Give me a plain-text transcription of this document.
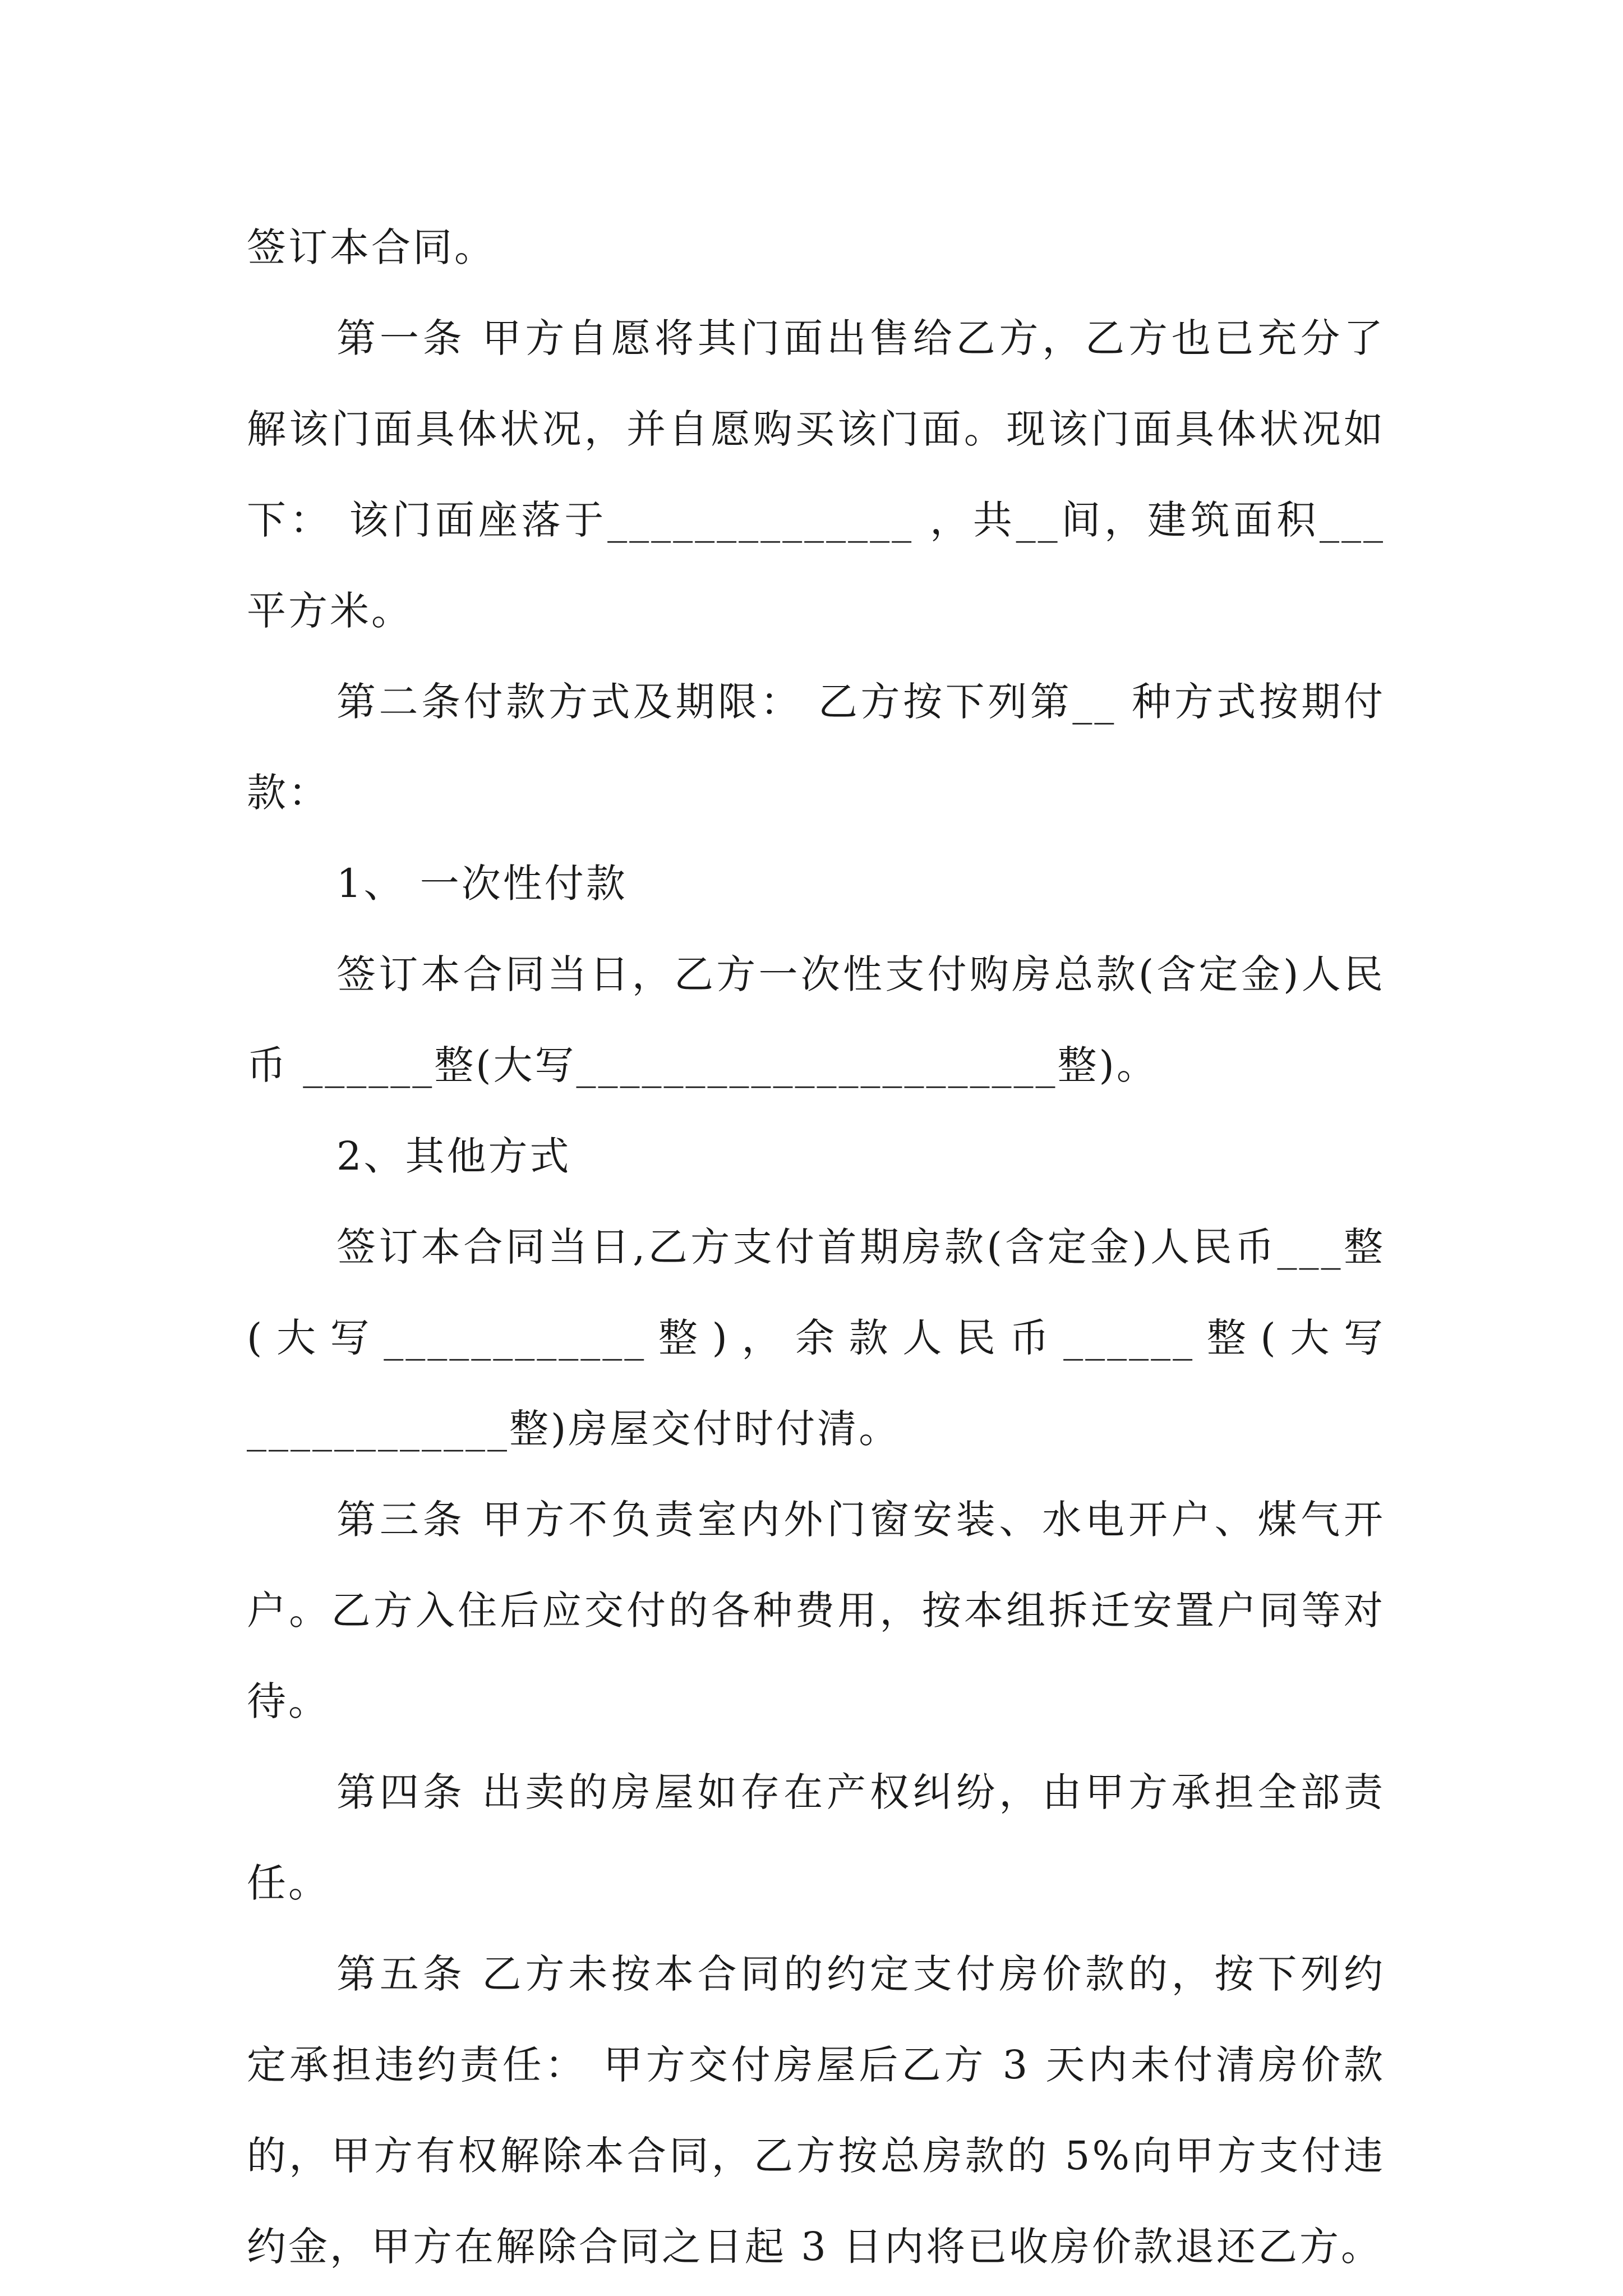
签订本合同。

第一条 甲方自愿将其门面出售给乙方，乙方也已充分了解该门面具体状况，并自愿购买该门面。现该门面具体状况如下： 该门面座落于______________ ，共__间，建筑面积___平方米。

第二条付款方式及期限： 乙方按下列第__ 种方式按期付款：

1、 一次性付款

签订本合同当日，乙方一次性支付购房总款(含定金)人民币 ______整(大写______________________整)。

2、其他方式

签订本合同当日,乙方支付首期房款(含定金)人民币___整(大写____________整)，余款人民币______整(大写____________整)房屋交付时付清。

第三条 甲方不负责室内外门窗安装、水电开户、煤气开户。乙方入住后应交付的各种费用，按本组拆迁安置户同等对待。

第四条 出卖的房屋如存在产权纠纷，由甲方承担全部责任。

第五条 乙方未按本合同的约定支付房价款的，按下列约定承担违约责任： 甲方交付房屋后乙方 3 天内未付清房价款的，甲方有权解除本合同，乙方按总房款的 5%向甲方支付违约金，甲方在解除合同之日起 3 日内将已收房价款退还乙方。
